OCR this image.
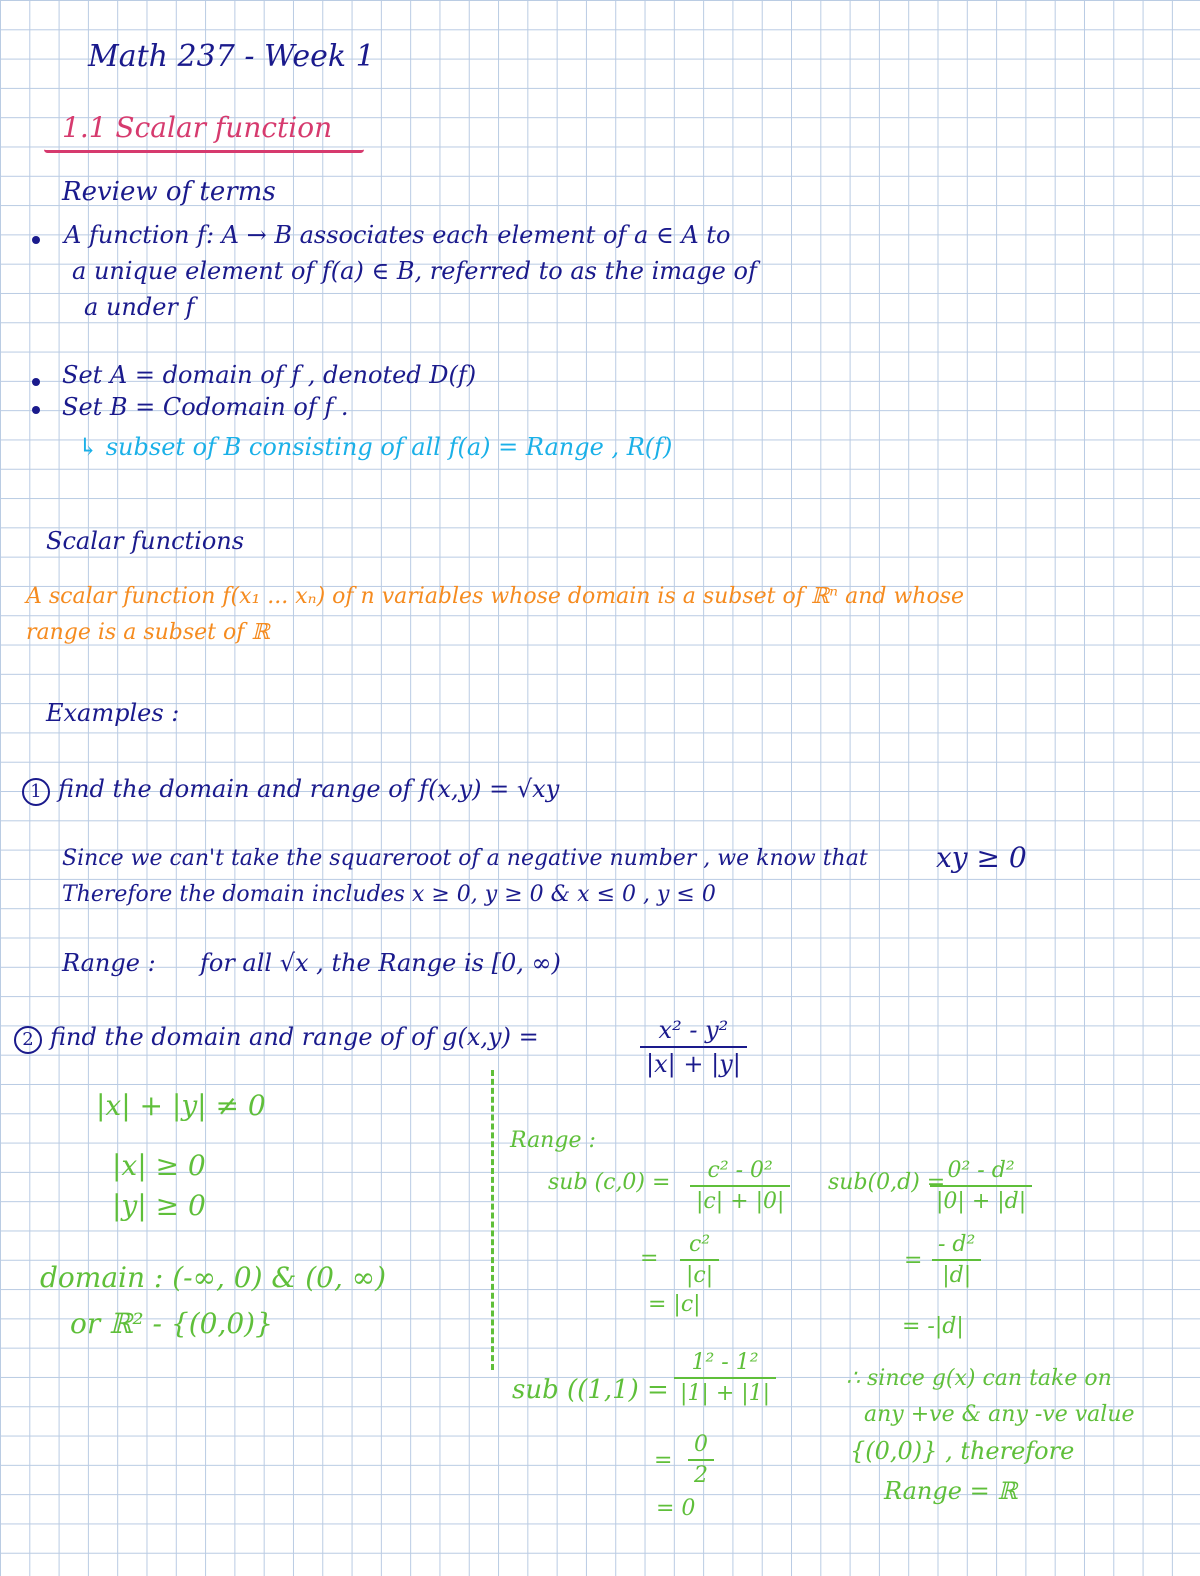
Math 237 - Week 1
1.1 Scalar function
Review of terms
A function f: A → B associates each element of a ∈ A to
a unique element of f(a) ∈ B, referred to as the image of
a under f
Set A = domain of f , denoted D(f)
Set B = Codomain of f .
↳ subset of B consisting of all f(a) = Range , R(f)
Scalar functions
A scalar function f(x₁ ... xₙ) of n variables whose domain is a subset of ℝⁿ and whose
range is a subset of ℝ
Examples :
1 find the domain and range of f(x,y) = √xy
Since we can't take the squareroot of a negative number , we know that xy ≥ 0
Therefore the domain includes x ≥ 0, y ≥ 0 & x ≤ 0 , y ≤ 0
Range : for all √x , the Range is [0, ∞)
2 find the domain and range of of g(x,y) =	x² - y²
|x| + |y|
|x| + |y| ≠ 0
|x| ≥ 0
|y| ≥ 0
domain : (-∞, 0) & (0, ∞)
or ℝ² - {(0,0)}
Range :
sub (c,0) = c² - 0²
|c| + |0|
=
c²
|c|
= |c|
sub(0,d) = 0² - d²
|0| + |d|
=
- d²
|d|
= -|d|
sub ((1,1) =
1² - 1²
|1| + |1|
=
0
2
= 0
∴ since g(x) can take on
any +ve & any -ve value
{(0,0)} , therefore
Range = ℝ
